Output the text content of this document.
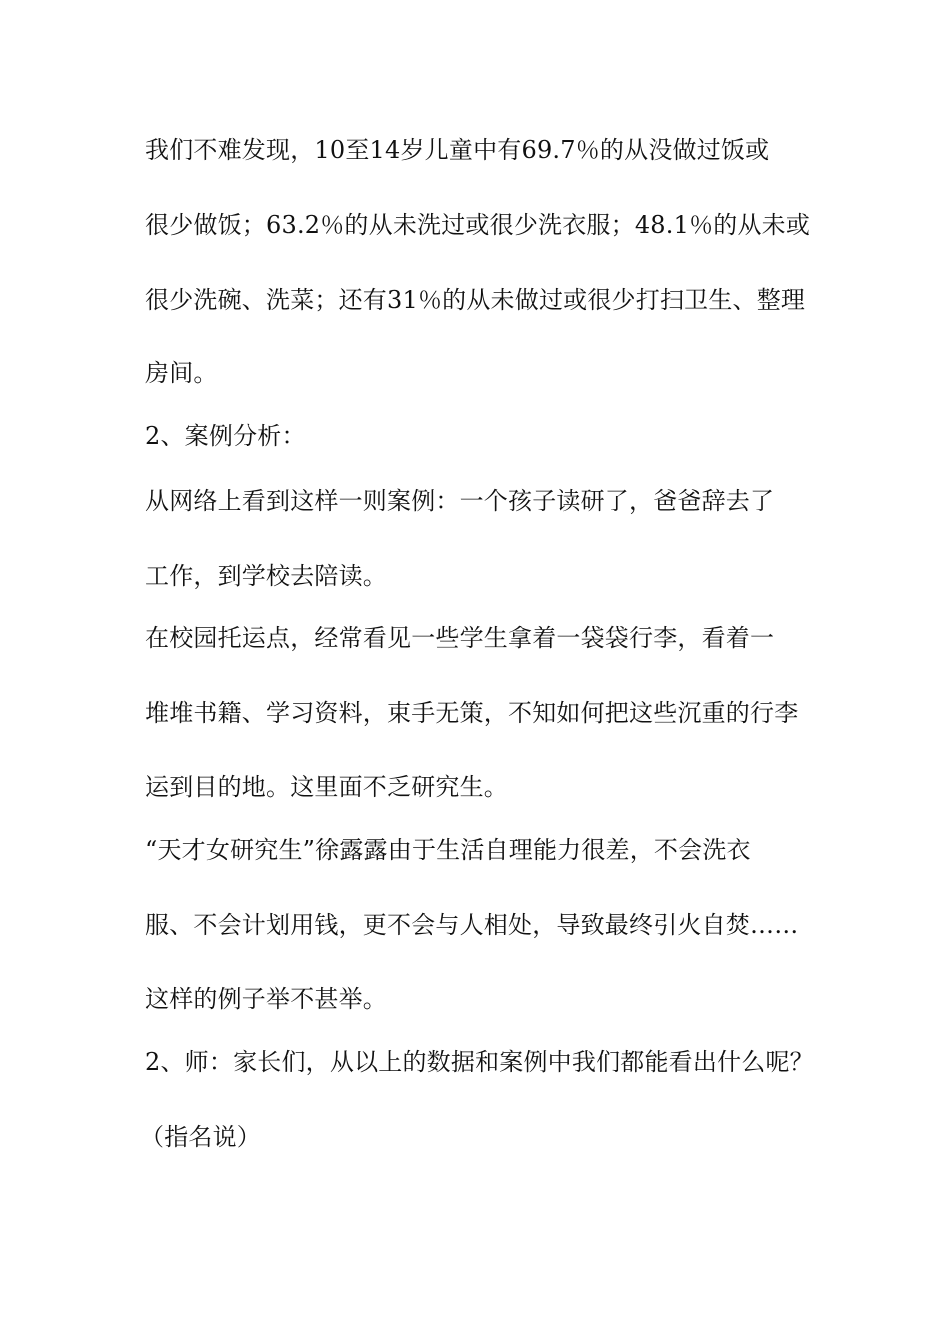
我们不难发现，10至14岁儿童中有69.7％的从没做过饭或
很少做饭；63.2％的从未洗过或很少洗衣服；48.1％的从未或
很少洗碗、洗菜；还有31％的从未做过或很少打扫卫生、整理
房间。
2、案例分析：
从网络上看到这样一则案例：一个孩子读研了，爸爸辞去了
工作，到学校去陪读。
在校园托运点，经常看见一些学生拿着一袋袋行李，看着一
堆堆书籍、学习资料，束手无策，不知如何把这些沉重的行李
运到目的地。这里面不乏研究生。
“天才女研究生”徐露露由于生活自理能力很差，不会洗衣
服、不会计划用钱，更不会与人相处，导致最终引火自焚……
这样的例子举不甚举。
2、师：家长们，从以上的数据和案例中我们都能看出什么呢？
（指名说）
